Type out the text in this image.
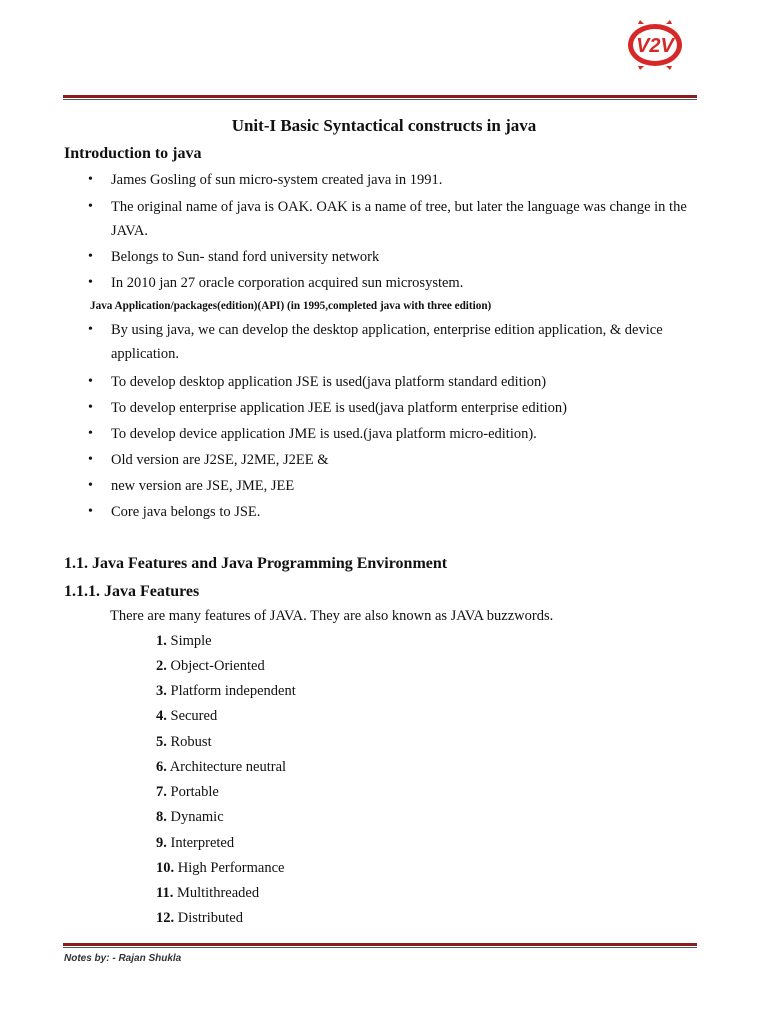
V2V
Unit-I Basic Syntactical constructs in java
Introduction to java
• James Gosling of sun micro-system created java in 1991.
• The original name of java is OAK. OAK is a name of tree, but later the language was change in the JAVA.
• Belongs to Sun- stand ford university network
• In 2010 jan 27 oracle corporation acquired sun microsystem.
Java Application/packages(edition)(API) (in 1995,completed java with three edition)
• By using java, we can develop the desktop application, enterprise edition application, & device application.
• To develop desktop application JSE is used(java platform standard edition)
• To develop enterprise application JEE is used(java platform enterprise edition)
• To develop device application JME is used.(java platform micro-edition).
• Old version are J2SE, J2ME, J2EE &
• new version are JSE, JME, JEE
• Core java belongs to JSE.
1.1. Java Features and Java Programming Environment
1.1.1. Java Features
There are many features of JAVA. They are also known as JAVA buzzwords.
1. Simple
2. Object-Oriented
3. Platform independent
4. Secured
5. Robust
6. Architecture neutral
7. Portable
8. Dynamic
9. Interpreted
10. High Performance
11. Multithreaded
12. Distributed
Notes by: - Rajan Shukla
